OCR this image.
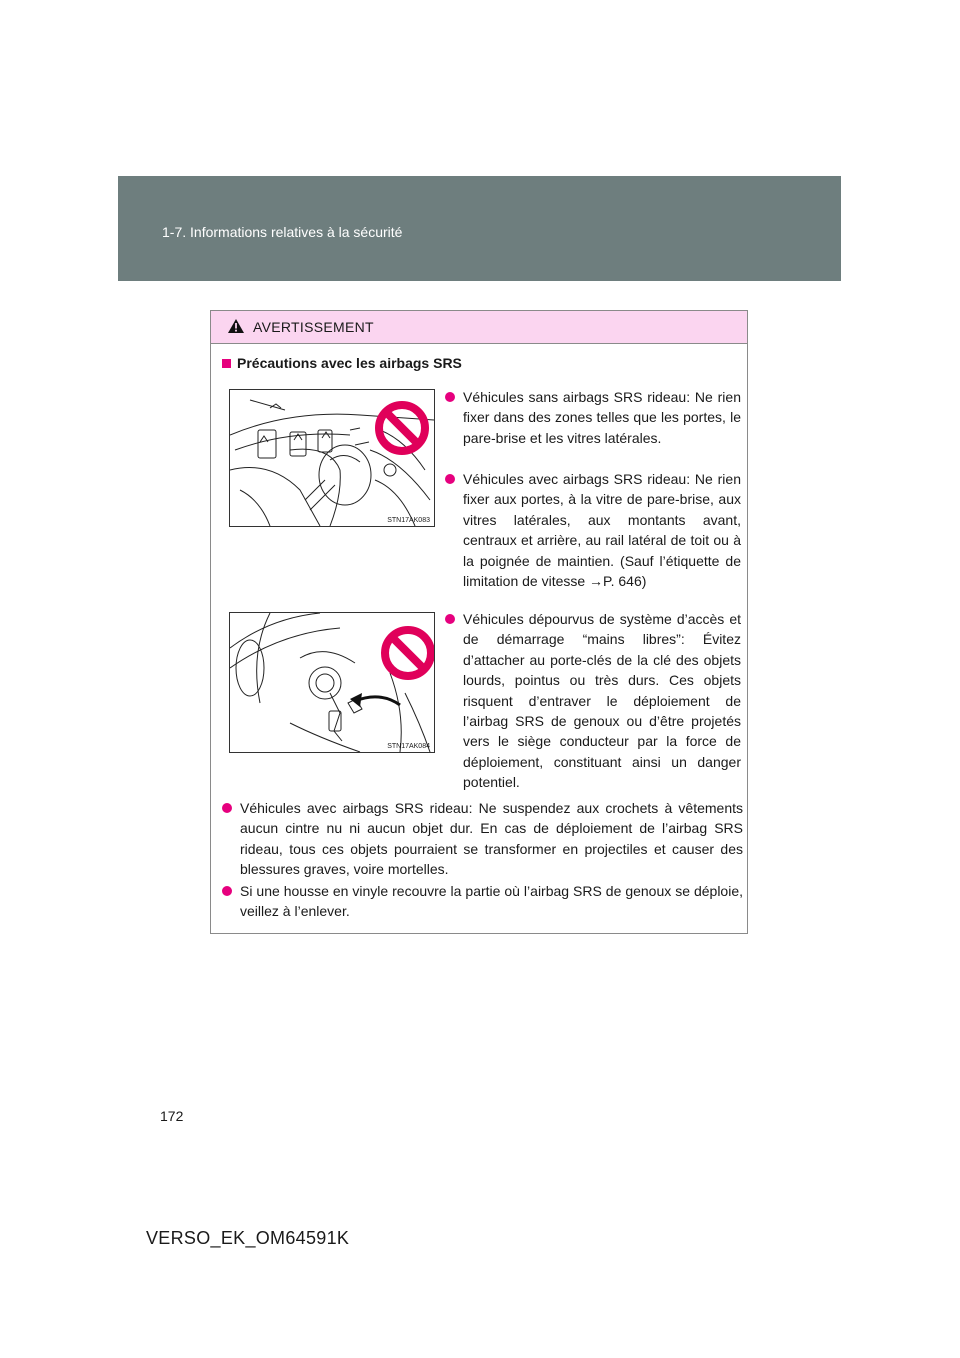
1-7. Informations relatives à la sécurité
AVERTISSEMENT
Précautions avec les airbags SRS
STN17AK083
Véhicules sans airbags SRS rideau: Ne rien fixer dans des zones telles que les portes, le pare-brise et les vitres latérales.
Véhicules avec airbags SRS rideau: Ne rien fixer aux portes, à la vitre de pare-brise, aux vitres latérales, aux montants avant, centraux et arrière, au rail latéral de toit ou à la poignée de maintien. (Sauf l’étiquette de limitation de vitesse →P. 646)
STN17AK084
Véhicules dépourvus de système d’accès et de démarrage “mains libres”: Évitez d’attacher au porte-clés de la clé des objets lourds, pointus ou très durs. Ces objets risquent d’entraver le déploiement de l’airbag SRS de genoux ou d’être projetés vers le siège conducteur par la force de déploiement, constituant ainsi un danger potentiel.
Véhicules avec airbags SRS rideau: Ne suspendez aux crochets à vêtements aucun cintre nu ni aucun objet dur. En cas de déploiement de l’airbag SRS rideau, tous ces objets pourraient se transformer en projectiles et causer des blessures graves, voire mortelles.
Si une housse en vinyle recouvre la partie où l’airbag SRS de genoux se déploie, veillez à l’enlever.
172
VERSO_EK_OM64591K
